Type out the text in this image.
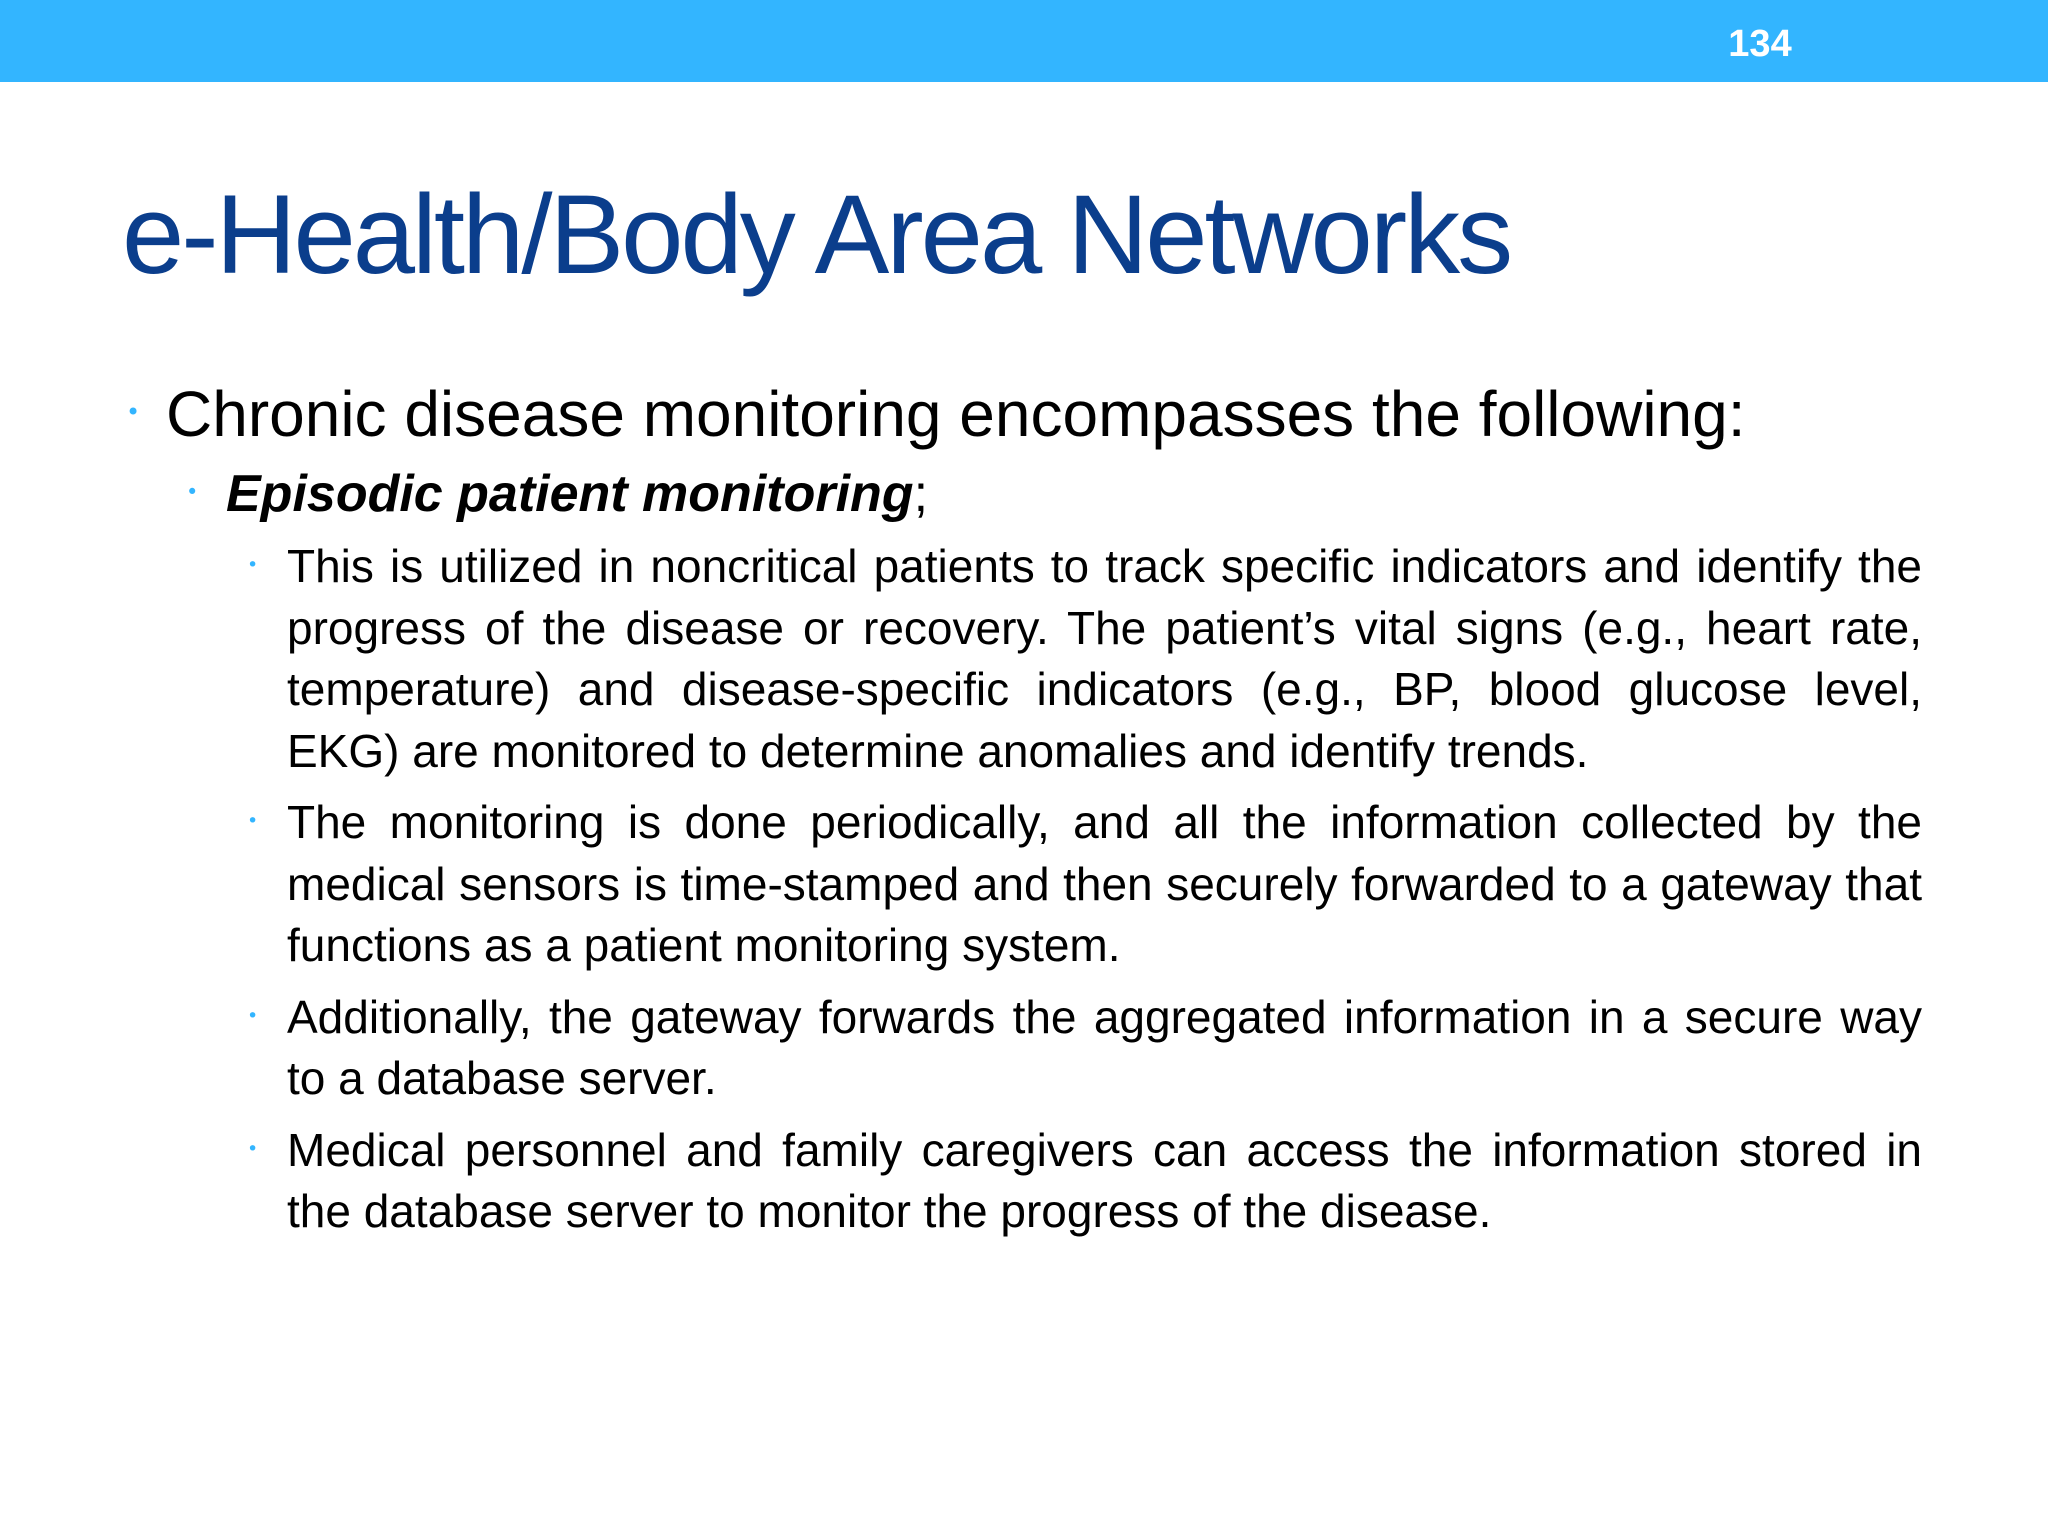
134
e-Health/Body Area Networks
• Chronic disease monitoring encompasses the following:
• Episodic patient monitoring;
• This is utilized in noncritical patients to track specific indicators and identify the progress of the disease or recovery. The patient’s vital signs (e.g., heart rate, temperature) and disease-specific indicators (e.g., BP, blood glucose level, EKG) are monitored to determine anomalies and identify trends.
• The monitoring is done periodically, and all the information collected by the medical sensors is time-stamped and then securely forwarded to a gateway that functions as a patient monitoring system.
• Additionally, the gateway forwards the aggregated information in a secure way to a database server.
• Medical personnel and family caregivers can access the information stored in the database server to monitor the progress of the disease.
